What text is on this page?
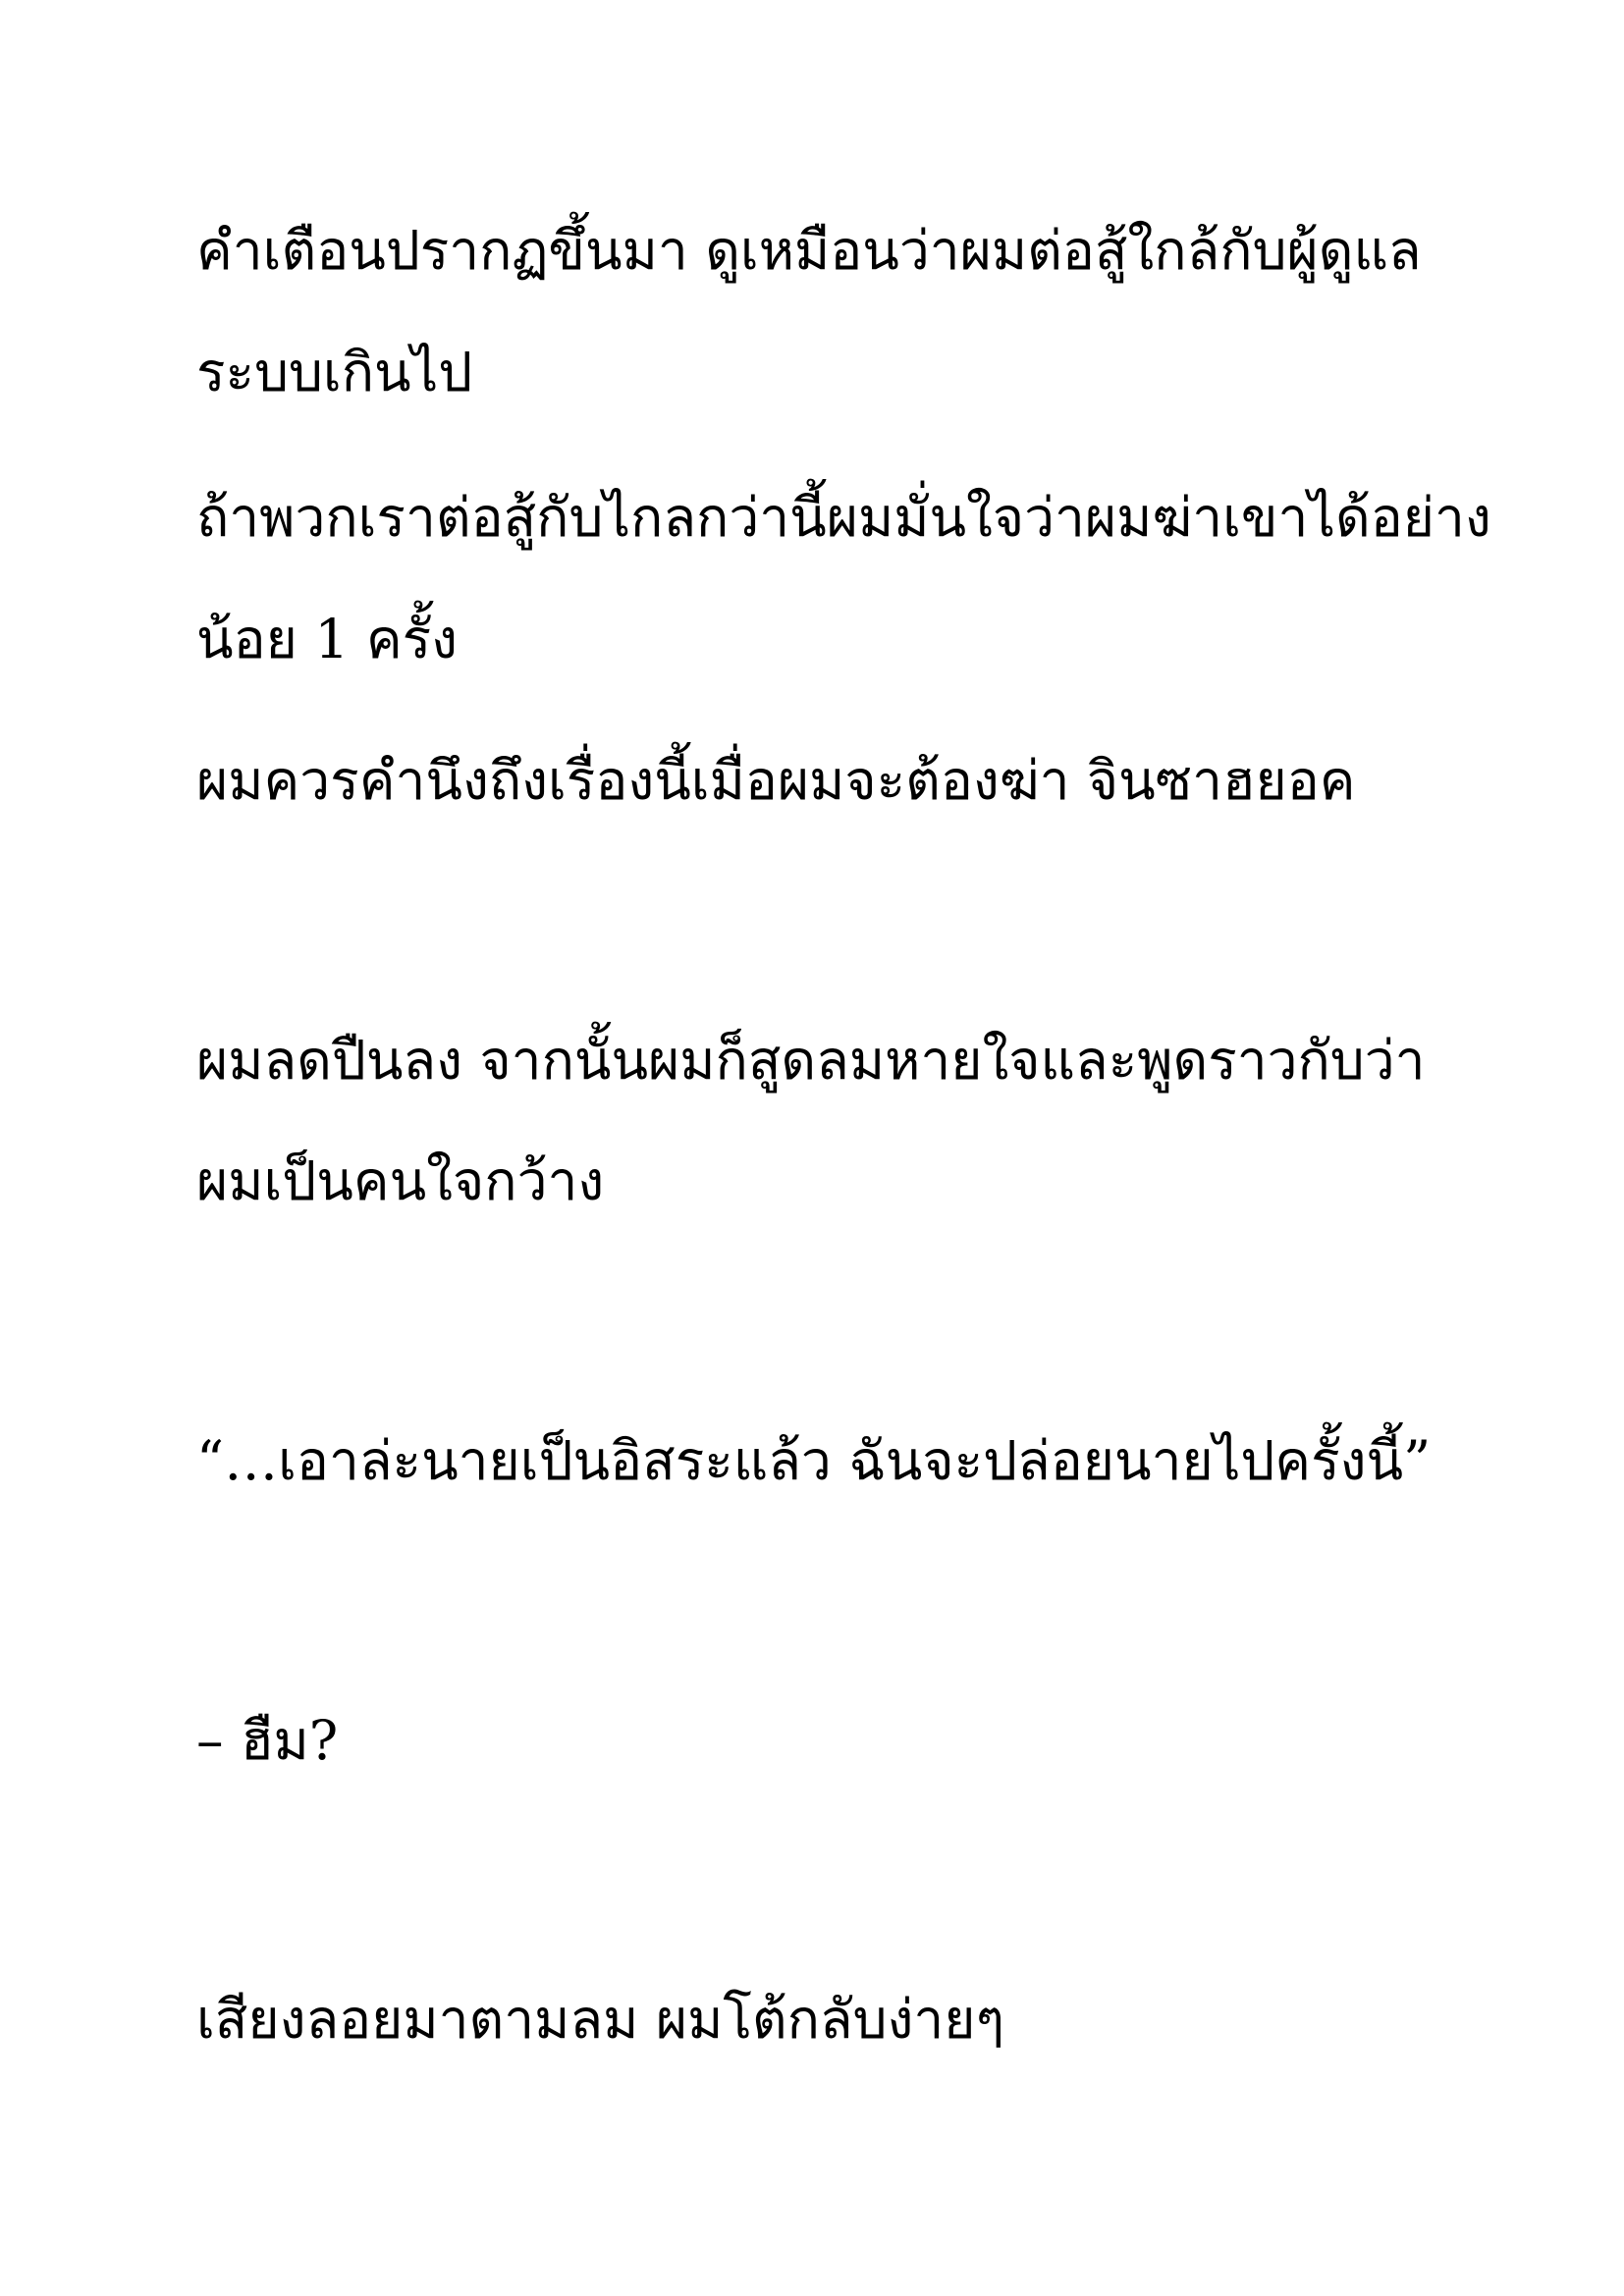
คำเตือนปรากฏขึ้นมา ดูเหมือนว่าผมต่อสู้ใกล้กับผู้ดูแล
ระบบเกินไป
ถ้าพวกเราต่อสู้กับไกลกว่านี้ผมมั่นใจว่าผมฆ่าเขาได้อย่าง
น้อย 1 ครั้ง
ผมควรคำนึงถึงเรื่องนี้เมื่อผมจะต้องฆ่า จินซาฮยอค
ผมลดปืนลง จากนั้นผมก็สูดลมหายใจและพูดราวกับว่า
ผมเป็นคนใจกว้าง
“…เอาล่ะนายเป็นอิสระแล้ว ฉันจะปล่อยนายไปครั้งนี้”
– ฮืม?
เสียงลอยมาตามลม ผมโต้กลับง่ายๆ
